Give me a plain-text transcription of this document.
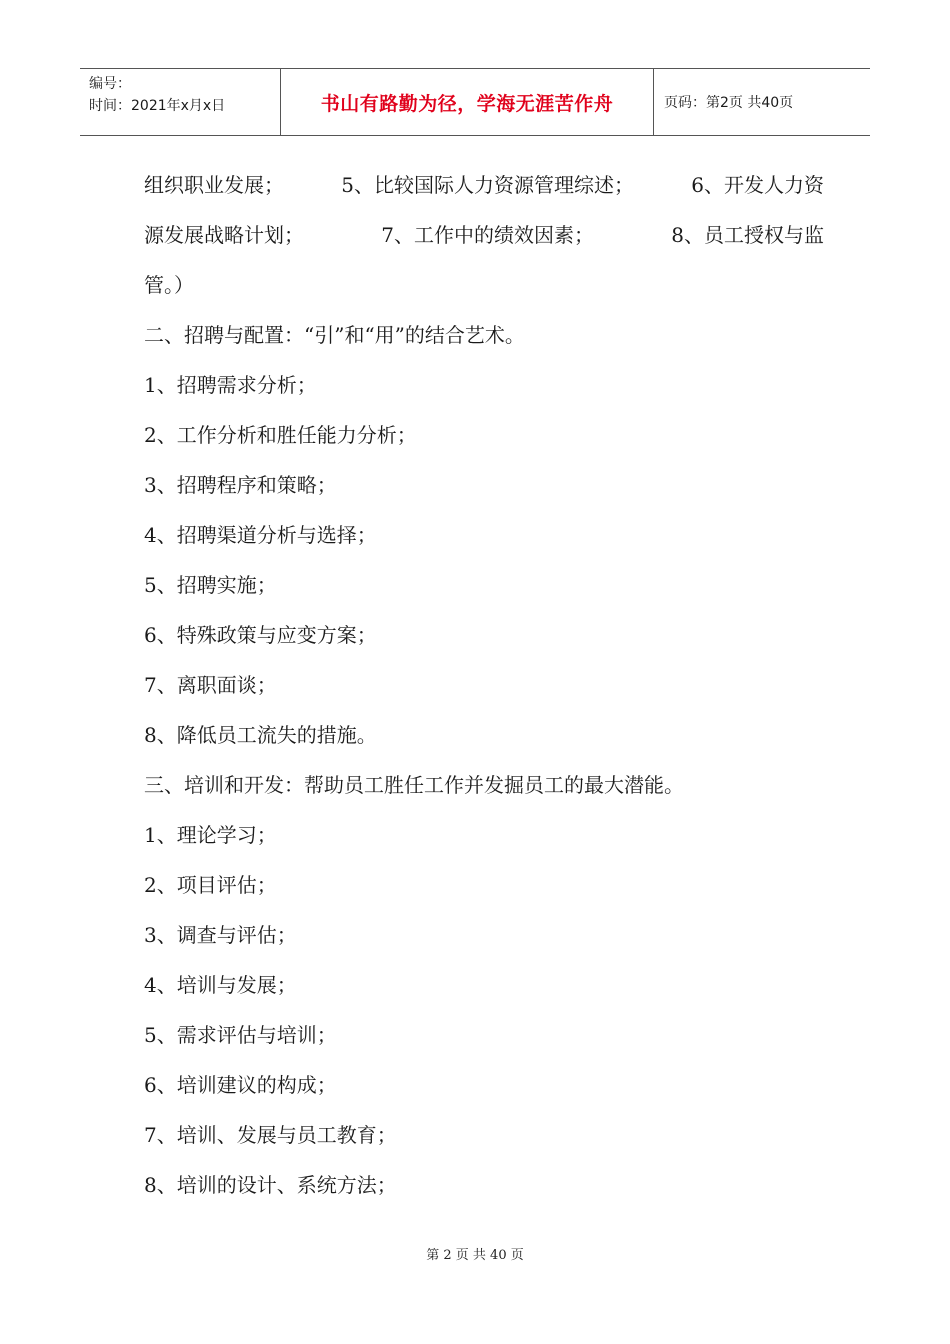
编号：
时间：2021年x月x日	书山有路勤为径，学海无涯苦作舟	页码：第2页 共40页
组织职业发展；	5、比较国际人力资源管理综述；	6、开发人力资
源发展战略计划；	7、工作中的绩效因素；	8、员工授权与监
管。）
二、招聘与配置：“引”和“用”的结合艺术。
1、招聘需求分析；
2、工作分析和胜任能力分析；
3、招聘程序和策略；
4、招聘渠道分析与选择；
5、招聘实施；
6、特殊政策与应变方案；
7、离职面谈；
8、降低员工流失的措施。
三、培训和开发：帮助员工胜任工作并发掘员工的最大潜能。
1、理论学习；
2、项目评估；
3、调查与评估；
4、培训与发展；
5、需求评估与培训；
6、培训建议的构成；
7、培训、发展与员工教育；
8、培训的设计、系统方法；
第 2 页 共 40 页
